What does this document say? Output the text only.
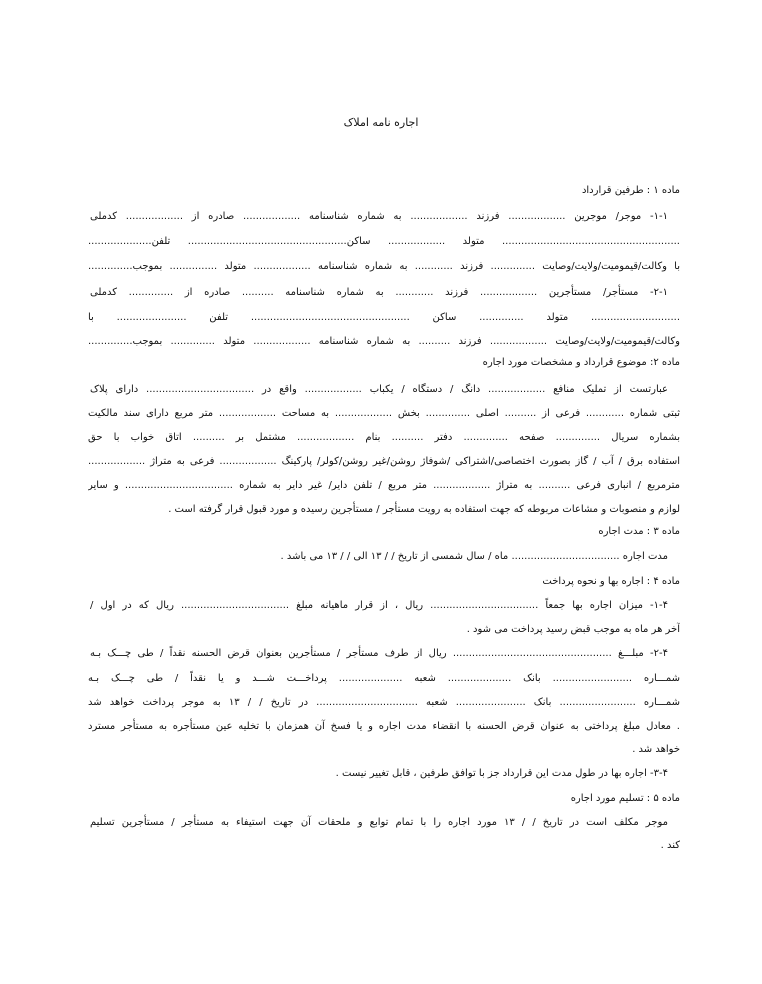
اجاره نامه املاک
ماده ۱ : طرفین قرارداد
۱-۱- موجر/ موجرین .................. فرزند .................. به شماره شناسنامه .................. صادره از .................. کدملی
........................................................ متولد .................. ساکن.................................................. تلفن....................
با وکالت/قیمومیت/ولایت/وصایت .............. فرزند ............ به شماره شناسنامه .................. متولد ............... بموجب..............
۲-۱- مستأجر/ مستأجرین .................. فرزند ............ به شماره شناسنامه .......... صادره از .............. کدملی
............................ متولد .............. ساکن .................................................. تلفن ...................... با
وکالت/قیمومیت/ولایت/وصایت .................. فرزند .......... به شماره شناسنامه .................. متولد .............. بموجب..............
ماده ۲: موضوع قرارداد و مشخصات مورد اجاره
عبارتست از تملیک منافع .................. دانگ / دستگاه / یکباب .................. واقع در .................................. دارای پلاک
ثبتی شماره ............ فرعی از .......... اصلی .............. بخش .................. به مساحت .................. متر مربع دارای سند مالکیت
بشماره سریال .............. صفحه .............. دفتر .......... بنام .................. مشتمل بر .......... اتاق خواب با حق
استفاده برق / آب / گاز بصورت اختصاصی/اشتراکی /شوفاژ روشن/غیر روشن/کولر/ پارکینگ .................. فرعی به متراژ ..................
مترمربع / انباری فرعی .......... به متراژ .................. متر مربع / تلفن دایر/ غیر دایر به شماره .................................. و سایر
لوازم و منصوبات و مشاعات مربوطه که جهت استفاده به رویت مستأجر / مستأجرین رسیده و مورد قبول قرار گرفته است .
ماده ۳ : مدت اجاره
مدت اجاره .................................. ماه / سال شمسی از تاریخ / / ۱۳ الی / / ۱۳ می باشد .
ماده ۴ : اجاره بها و نحوه پرداخت
۱-۴- میزان اجاره بها جمعاً .................................. ریال ، از قرار ماهیانه مبلغ .................................. ریال که در اول /
آخر هر ماه به موجب قبض رسید پرداخت می شود .
۲-۴- مبلـــغ .................................................. ریال از طرف مستأجر / مستأجرین بعنوان قرض الحسنه نقداً / طی چـــک بـه
شمـــاره ......................... بانک .................... شعبه .................... پرداخـــت شـــد و یا نقداً / طی چـــک بـه
شمـــاره ........................ بانک ...................... شعبه ................................ در تاریخ / / ۱۳ به موجر پرداخت خواهد شد
. معادل مبلغ پرداختی به عنوان قرض الحسنه با انقضاء مدت اجاره و یا فسخ آن همزمان با تخلیه عین مستأجره به مستأجر مسترد
خواهد شد .
۳-۴- اجاره بها در طول مدت این قرارداد جز با توافق طرفین ، قابل تغییر نیست .
ماده ۵ : تسلیم مورد اجاره
موجر مکلف است در تاریخ / / ۱۳ مورد اجاره را با تمام توابع و ملحقات آن جهت استیفاء به مستأجر / مستأجرین تسلیم
کند .
